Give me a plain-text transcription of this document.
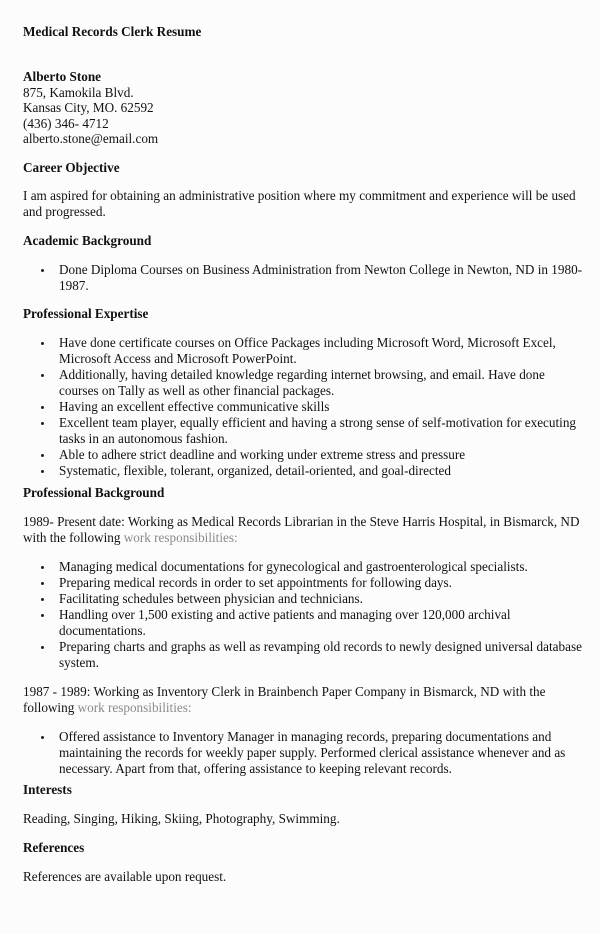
Medical Records Clerk Resume
Alberto Stone
875, Kamokila Blvd.
Kansas City, MO. 62592
(436) 346- 4712
alberto.stone@email.com
Career Objective
I am aspired for obtaining an administrative position where my commitment and experience will be used and progressed.
Academic Background
Done Diploma Courses on Business Administration from Newton College in Newton, ND in 1980-1987.
Professional Expertise
Have done certificate courses on Office Packages including Microsoft Word, Microsoft Excel, Microsoft Access and Microsoft PowerPoint.
Additionally, having detailed knowledge regarding internet browsing, and email. Have done courses on Tally as well as other financial packages.
Having an excellent effective communicative skills
Excellent team player, equally efficient and having a strong sense of self-motivation for executing tasks in an autonomous fashion.
Able to adhere strict deadline and working under extreme stress and pressure
Systematic, flexible, tolerant, organized, detail-oriented, and goal-directed
Professional Background
1989- Present date: Working as Medical Records Librarian in the Steve Harris Hospital, in Bismarck, ND with the following work responsibilities:
Managing medical documentations for gynecological and gastroenterological specialists.
Preparing medical records in order to set appointments for following days.
Facilitating schedules between physician and technicians.
Handling over 1,500 existing and active patients and managing over 120,000 archival documentations.
Preparing charts and graphs as well as revamping old records to newly designed universal database system.
1987 - 1989: Working as Inventory Clerk in Brainbench Paper Company in Bismarck, ND with the following work responsibilities:
Offered assistance to Inventory Manager in managing records, preparing documentations and maintaining the records for weekly paper supply. Performed clerical assistance whenever and as necessary. Apart from that, offering assistance to keeping relevant records.
Interests
Reading, Singing, Hiking, Skiing, Photography, Swimming.
References
References are available upon request.
